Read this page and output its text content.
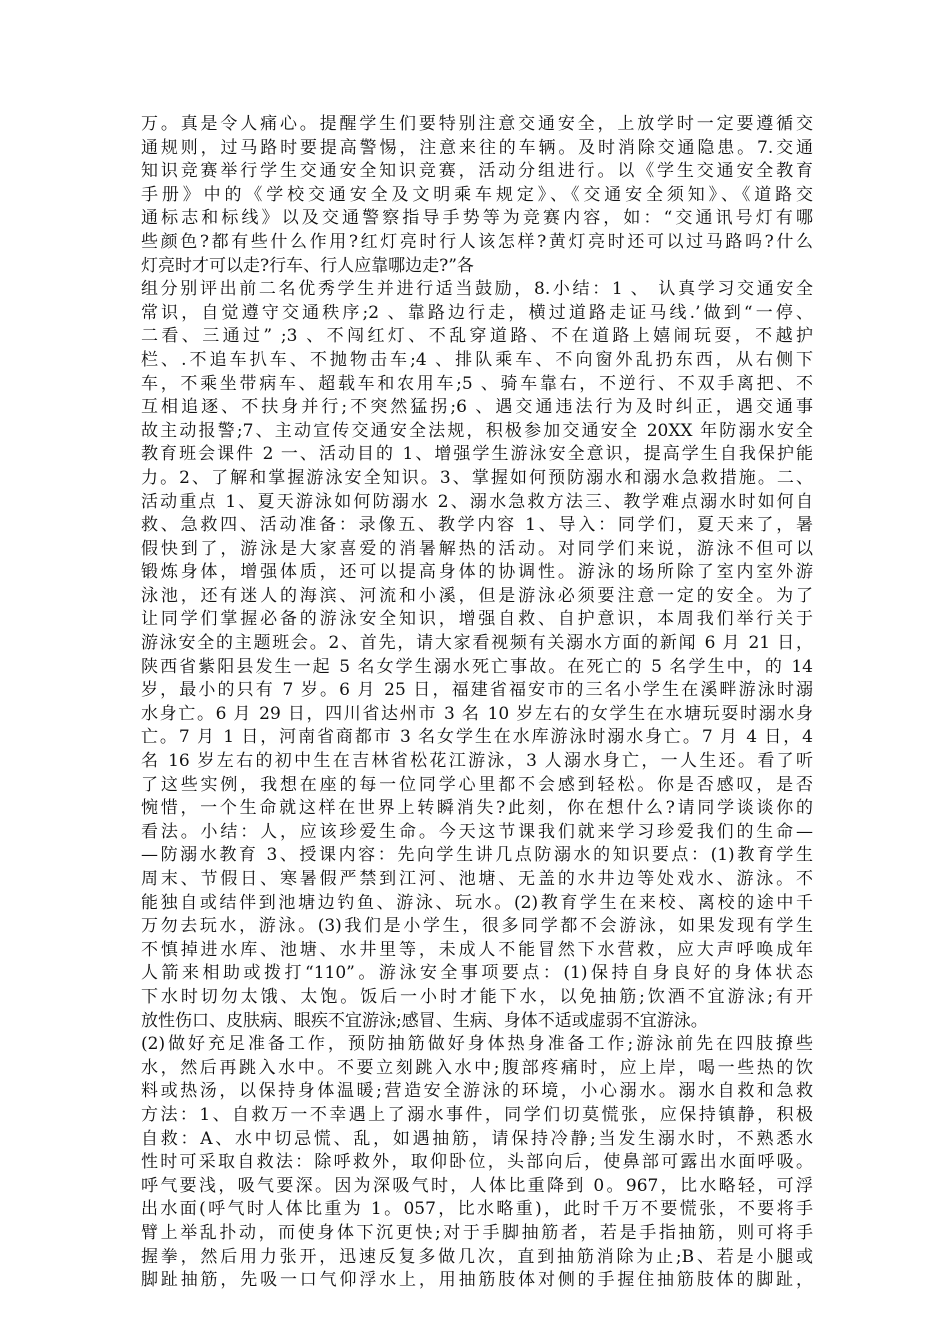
万。真是令人痛心。提醒学生们要特别注意交通安全，上放学时一定要遵循交
通规则，过马路时要提高警惕，注意来往的车辆。及时消除交通隐患。7.交通
知识竞赛举行学生交通安全知识竞赛，活动分组进行。以《学生交通安全教育
手册》中的《学校交通安全及文明乘车规定》、《交通安全须知》、《道路交
通标志和标线》以及交通警察指导手势等为竞赛内容，如：“交通讯号灯有哪
些颜色?都有些什么作用?红灯亮时行人该怎样?黄灯亮时还可以过马路吗?什么
灯亮时才可以走?行车、行人应靠哪边走?”各
组分别评出前二名优秀学生并进行适当鼓励，8.小结：1 、 认真学习交通安全
常识，自觉遵守交通秩序;2 、靠路边行走，横过道路走证马线.’做到“一停、
二看、三通过” ;3 、不闯红灯、不乱穿道路、不在道路上嬉闹玩耍，不越护
栏、.不追车扒车、不抛物击车;4 、排队乘车、不向窗外乱扔东西，从右侧下
车，不乘坐带病车、超载车和农用车;5 、骑车靠右，不逆行、不双手离把、不
互相追逐、不扶身并行;不突然猛拐;6 、遇交通违法行为及时纠正，遇交通事
故主动报警;7、主动宣传交通安全法规，积极参加交通安全 20XX 年防溺水安全
教育班会课件 2 一、活动目的 1、增强学生游泳安全意识，提高学生自我保护能
力。2、了解和掌握游泳安全知识。3、掌握如何预防溺水和溺水急救措施。二、
活动重点 1、夏天游泳如何防溺水 2、溺水急救方法三、教学难点溺水时如何自
救、急救四、活动准备：录像五、教学内容 1、导入：同学们，夏天来了，暑
假快到了，游泳是大家喜爱的消暑解热的活动。对同学们来说，游泳不但可以
锻炼身体，增强体质，还可以提高身体的协调性。游泳的场所除了室内室外游
泳池，还有迷人的海滨、河流和小溪，但是游泳必须要注意一定的安全。为了
让同学们掌握必备的游泳安全知识，增强自救、自护意识，本周我们举行关于
游泳安全的主题班会。2、首先，请大家看视频有关溺水方面的新闻 6 月 21 日，
陕西省紫阳县发生一起 5 名女学生溺水死亡事故。在死亡的 5 名学生中，的 14
岁，最小的只有 7 岁。6 月 25 日，福建省福安市的三名小学生在溪畔游泳时溺
水身亡。6 月 29 日，四川省达州市 3 名 10 岁左右的女学生在水塘玩耍时溺水身
亡。7 月 1 日，河南省商都市 3 名女学生在水库游泳时溺水身亡。7 月 4 日，4
名 16 岁左右的初中生在吉林省松花江游泳，3 人溺水身亡，一人生还。看了听
了这些实例，我想在座的每一位同学心里都不会感到轻松。你是否感叹，是否
惋惜，一个生命就这样在世界上转瞬消失?此刻，你在想什么?请同学谈谈你的
看法。小结：人，应该珍爱生命。今天这节课我们就来学习珍爱我们的生命—
—防溺水教育 3、授课内容：先向学生讲几点防溺水的知识要点：(1)教育学生
周末、节假日、寒暑假严禁到江河、池塘、无盖的水井边等处戏水、游泳。不
能独自或结伴到池塘边钓鱼、游泳、玩水。(2)教育学生在来校、离校的途中千
万勿去玩水，游泳。(3)我们是小学生，很多同学都不会游泳，如果发现有学生
不慎掉进水库、池塘、水井里等，未成人不能冒然下水营救，应大声呼唤成年
人箭来相助或拨打“110”。游泳安全事项要点：(1)保持自身良好的身体状态
下水时切勿太饿、太饱。饭后一小时才能下水，以免抽筋;饮酒不宜游泳;有开
放性伤口、皮肤病、眼疾不宜游泳;感冒、生病、身体不适或虚弱不宜游泳。
(2)做好充足准备工作，预防抽筋做好身体热身准备工作;游泳前先在四肢撩些
水，然后再跳入水中。不要立刻跳入水中;腹部疼痛时，应上岸，喝一些热的饮
料或热汤，以保持身体温暖;营造安全游泳的环境，小心溺水。溺水自救和急救
方法：1、自救万一不幸遇上了溺水事件，同学们切莫慌张，应保持镇静，积极
自救：A、水中切忌慌、乱，如遇抽筋，请保持冷静;当发生溺水时，不熟悉水
性时可采取自救法：除呼救外，取仰卧位，头部向后，使鼻部可露出水面呼吸。
呼气要浅，吸气要深。因为深吸气时，人体比重降到 0。967，比水略轻，可浮
出水面(呼气时人体比重为 1。057，比水略重)，此时千万不要慌张，不要将手
臂上举乱扑动，而使身体下沉更快;对于手脚抽筋者，若是手指抽筋，则可将手
握拳，然后用力张开，迅速反复多做几次，直到抽筋消除为止;B、若是小腿或
脚趾抽筋，先吸一口气仰浮水上，用抽筋肢体对侧的手握住抽筋肢体的脚趾，
